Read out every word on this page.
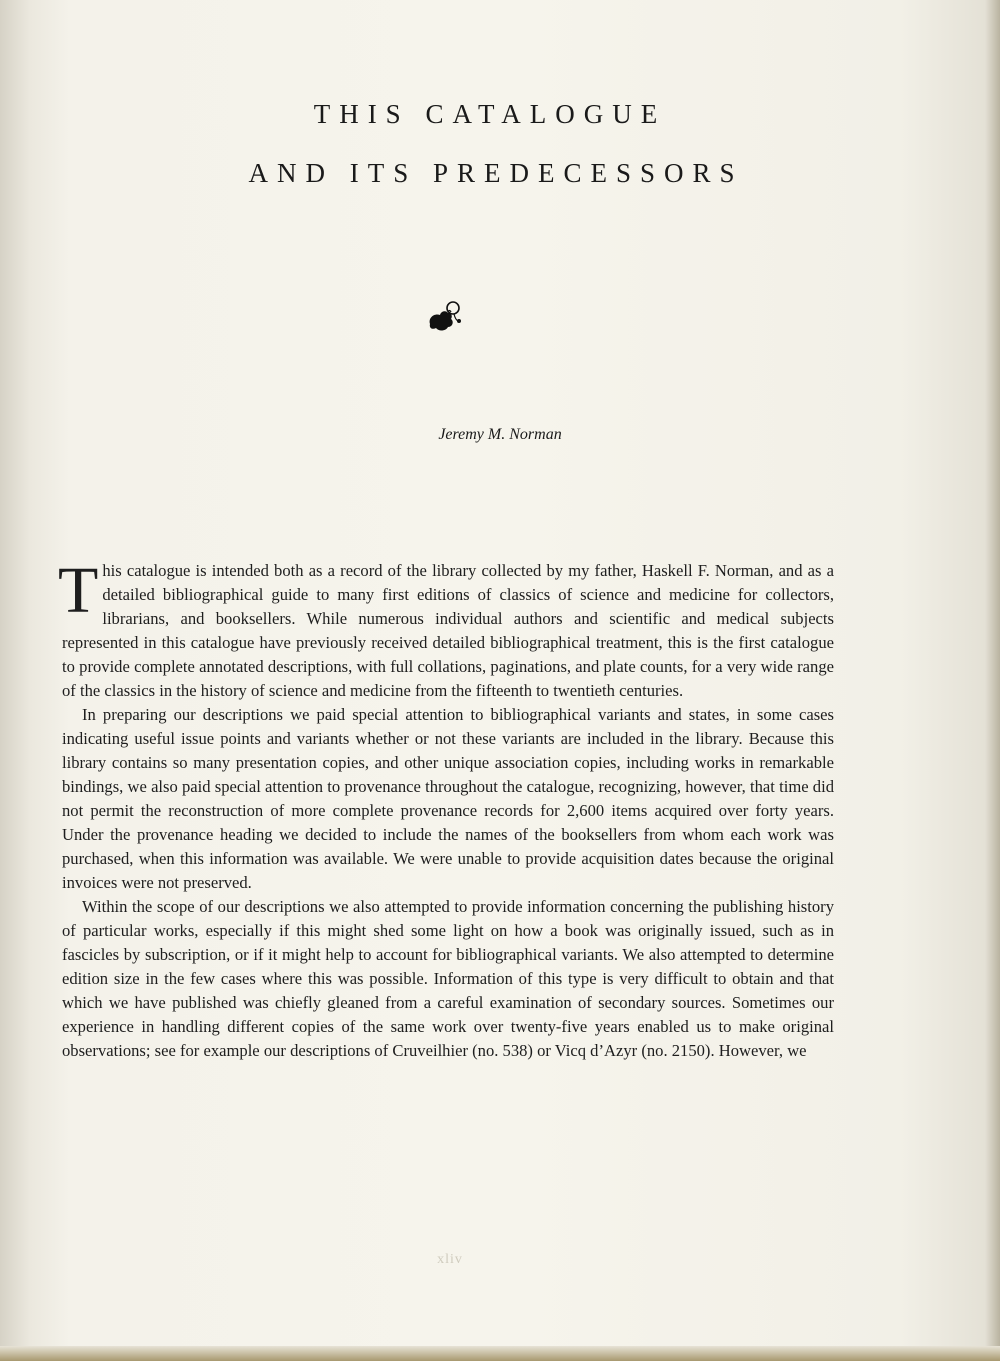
THIS CATALOGUE
AND ITS PREDECESSORS
Jeremy M. Norman

This catalogue is intended both as a record of the library collected by my father, Haskell F. Norman, and as a detailed bibliographical guide to many first editions of classics of science and medicine for collectors, librarians, and booksellers. While numerous individual authors and scientific and medical subjects represented in this catalogue have previously received detailed bibliographical treatment, this is the first catalogue to provide complete annotated descriptions, with full collations, paginations, and plate counts, for a very wide range of the classics in the history of science and medicine from the fifteenth to twentieth centuries.

In preparing our descriptions we paid special attention to bibliographical variants and states, in some cases indicating useful issue points and variants whether or not these variants are included in the library. Because this library contains so many presentation copies, and other unique association copies, including works in remarkable bindings, we also paid special attention to provenance throughout the catalogue, recognizing, however, that time did not permit the reconstruction of more complete provenance records for 2,600 items acquired over forty years. Under the provenance heading we decided to include the names of the booksellers from whom each work was purchased, when this information was available. We were unable to provide acquisition dates because the original invoices were not preserved.

Within the scope of our descriptions we also attempted to provide information concerning the publishing history of particular works, especially if this might shed some light on how a book was originally issued, such as in fascicles by subscription, or if it might help to account for bibliographical variants. We also attempted to determine edition size in the few cases where this was possible. Information of this type is very difficult to obtain and that which we have published was chiefly gleaned from a careful examination of secondary sources. Sometimes our experience in handling different copies of the same work over twenty-five years enabled us to make original observations; see for example our descriptions of Cruveilhier (no. 538) or Vicq d’Azyr (no. 2150). However, we

xliv
